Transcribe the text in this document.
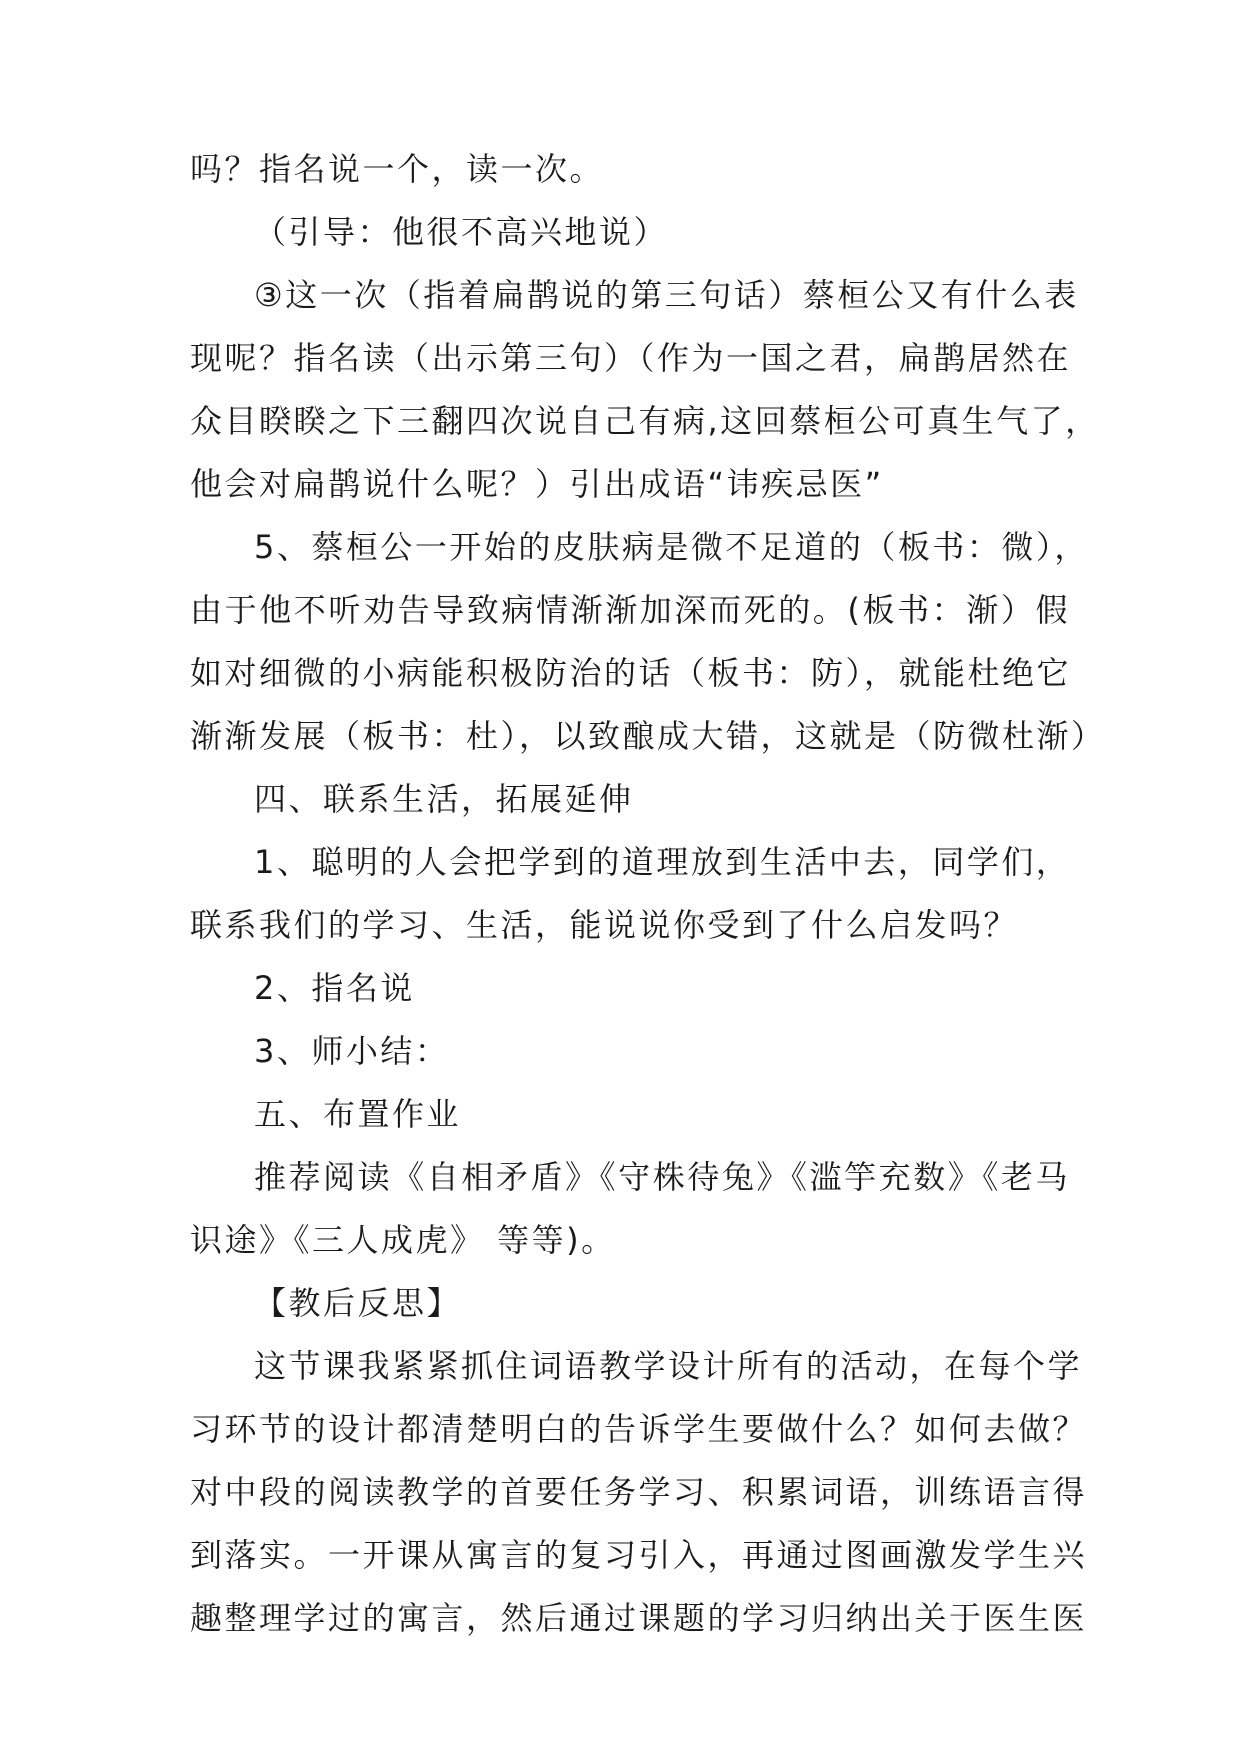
吗？指名说一个，读一次。

（引导：他很不高兴地说）

③这一次（指着扁鹊说的第三句话）蔡桓公又有什么表

现呢？指名读（出示第三句）（作为一国之君，扁鹊居然在

众目睽睽之下三翻四次说自己有病,这回蔡桓公可真生气了，

他会对扁鹊说什么呢？）引出成语“讳疾忌医”

5、蔡桓公一开始的皮肤病是微不足道的（板书：微），

由于他不听劝告导致病情渐渐加深而死的。(板书：渐）假

如对细微的小病能积极防治的话（板书：防），就能杜绝它

渐渐发展（板书：杜），以致酿成大错，这就是（防微杜渐）

四、联系生活，拓展延伸

1、聪明的人会把学到的道理放到生活中去，同学们，

联系我们的学习、生活，能说说你受到了什么启发吗？

2、指名说

3、师小结：

五、布置作业

推荐阅读《自相矛盾》《守株待兔》《滥竽充数》《老马

识途》《三人成虎》 等等)。

【教后反思】

这节课我紧紧抓住词语教学设计所有的活动，在每个学

习环节的设计都清楚明白的告诉学生要做什么？如何去做？

对中段的阅读教学的首要任务学习、积累词语，训练语言得

到落实。一开课从寓言的复习引入，再通过图画激发学生兴

趣整理学过的寓言，然后通过课题的学习归纳出关于医生医
